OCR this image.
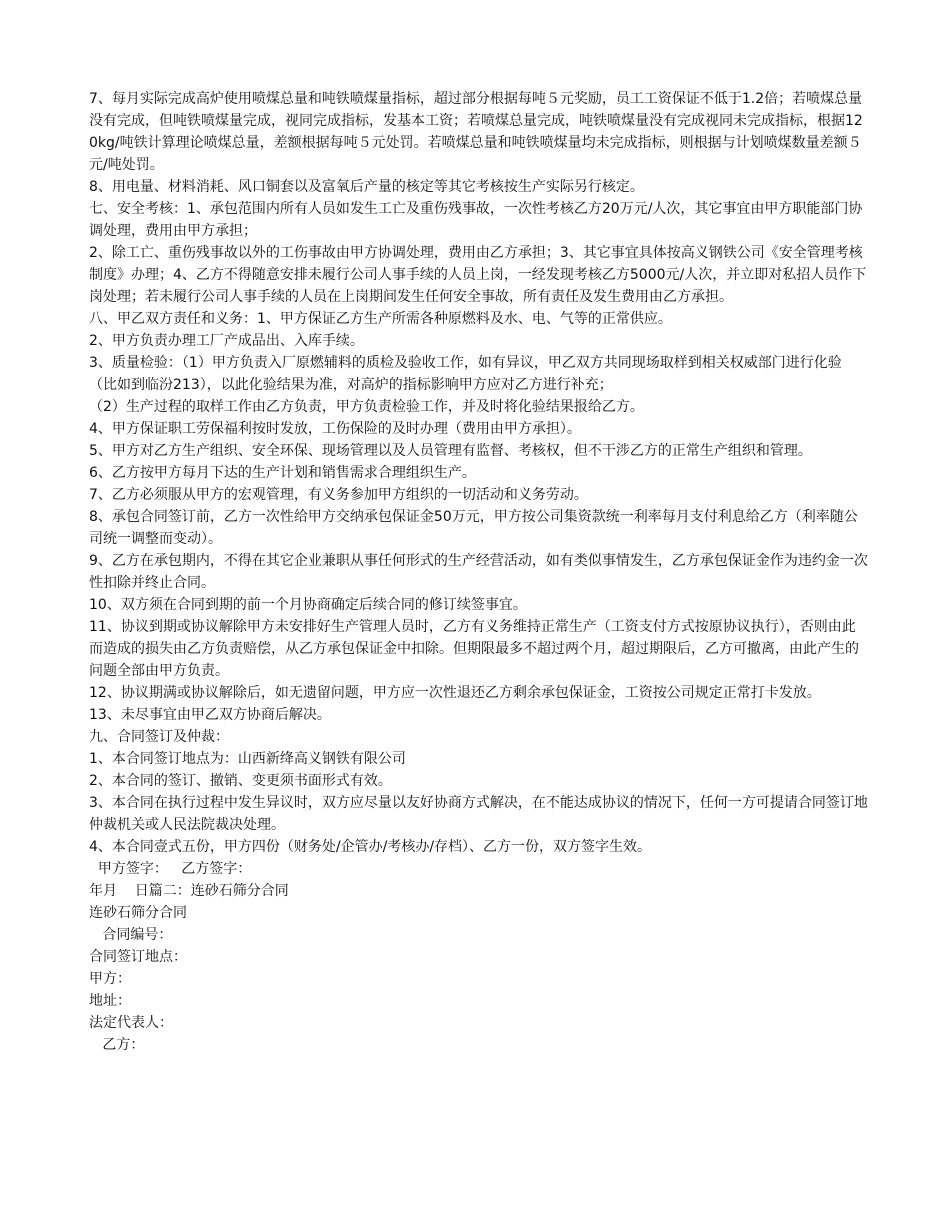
7、每月实际完成高炉使用喷煤总量和吨铁喷煤量指标，超过部分根据每吨５元奖励，员工工资保证不低于1.2倍；若喷煤总量没有完成，但吨铁喷煤量完成，视同完成指标，发基本工资；若喷煤总量完成，吨铁喷煤量没有完成视同未完成指标，根据120kg/吨铁计算理论喷煤总量，差额根据每吨５元处罚。若喷煤总量和吨铁喷煤量均未完成指标，则根据与计划喷煤数量差额５元/吨处罚。

8、用电量、材料消耗、风口铜套以及富氧后产量的核定等其它考核按生产实际另行核定。

七、安全考核：1、承包范围内所有人员如发生工亡及重伤残事故，一次性考核乙方20万元/人次，其它事宜由甲方职能部门协调处理，费用由甲方承担；

2、除工亡、重伤残事故以外的工伤事故由甲方协调处理，费用由乙方承担；3、其它事宜具体按高义钢铁公司《安全管理考核制度》办理；4、乙方不得随意安排未履行公司人事手续的人员上岗，一经发现考核乙方5000元/人次，并立即对私招人员作下岗处理；若未履行公司人事手续的人员在上岗期间发生任何安全事故，所有责任及发生费用由乙方承担。

八、甲乙双方责任和义务：1、甲方保证乙方生产所需各种原燃料及水、电、气等的正常供应。

2、甲方负责办理工厂产成品出、入库手续。

3、质量检验：（1）甲方负责入厂原燃辅料的质检及验收工作，如有异议，甲乙双方共同现场取样到相关权威部门进行化验（比如到临汾213），以此化验结果为准，对高炉的指标影响甲方应对乙方进行补充；

（2）生产过程的取样工作由乙方负责，甲方负责检验工作，并及时将化验结果报给乙方。

4、甲方保证职工劳保福利按时发放，工伤保险的及时办理（费用由甲方承担）。

5、甲方对乙方生产组织、安全环保、现场管理以及人员管理有监督、考核权，但不干涉乙方的正常生产组织和管理。

6、乙方按甲方每月下达的生产计划和销售需求合理组织生产。

7、乙方必须服从甲方的宏观管理，有义务参加甲方组织的一切活动和义务劳动。

8、承包合同签订前，乙方一次性给甲方交纳承包保证金50万元，甲方按公司集资款统一利率每月支付利息给乙方（利率随公司统一调整而变动）。

9、乙方在承包期内，不得在其它企业兼职从事任何形式的生产经营活动，如有类似事情发生，乙方承包保证金作为违约金一次性扣除并终止合同。

10、双方须在合同到期的前一个月协商确定后续合同的修订续签事宜。

11、协议到期或协议解除甲方未安排好生产管理人员时，乙方有义务维持正常生产（工资支付方式按原协议执行），否则由此而造成的损失由乙方负责赔偿，从乙方承包保证金中扣除。但期限最多不超过两个月，超过期限后，乙方可撤离，由此产生的问题全部由甲方负责。

12、协议期满或协议解除后，如无遗留问题，甲方应一次性退还乙方剩余承包保证金，工资按公司规定正常打卡发放。

13、未尽事宜由甲乙双方协商后解决。

九、合同签订及仲裁：

1、本合同签订地点为：山西新绛高义钢铁有限公司

2、本合同的签订、撤销、变更须书面形式有效。

3、本合同在执行过程中发生异议时，双方应尽量以友好协商方式解决，在不能达成协议的情况下，任何一方可提请合同签订地仲裁机关或人民法院裁决处理。

4、本合同壹式五份，甲方四份（财务处/企管办/考核办/存档）、乙方一份，双方签字生效。

甲方签字：   乙方签字：

年月    日篇二：连砂石筛分合同

连砂石筛分合同

合同编号：

合同签订地点：

甲方：

地址：

法定代表人：

乙方：
